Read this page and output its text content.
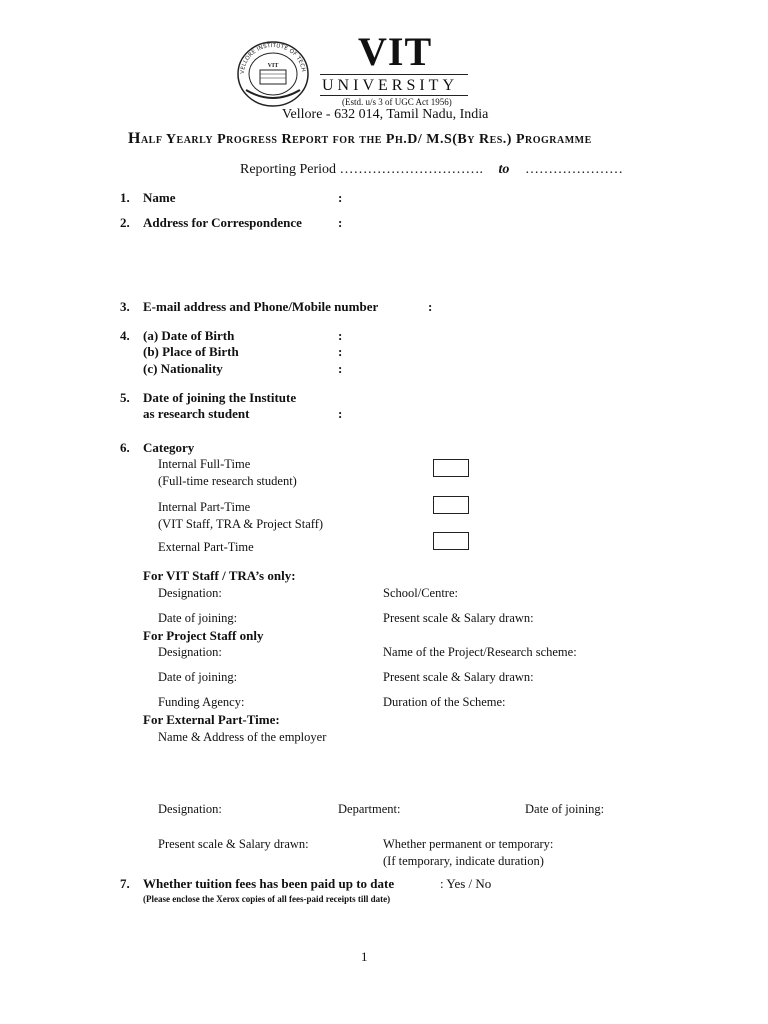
VELLORE INSTITUTE OF TECH
VIT VIT
UNIVERSITY
(Estd. u/s 3 of UGC Act 1956)
Vellore - 632 014, Tamil Nadu, India
Half Yearly Progress Report for the Ph.D/ M.S(By Res.) Programme
Reporting Period …………………………. to …………………
1. Name	:
2. Address for Correspondence	:
3. E-mail address and Phone/Mobile number	:
4. (a) Date of Birth	:
(b) Place of Birth	:
(c) Nationality	:
5. Date of joining the Institute
as research student	:
6. Category
Internal Full-Time
(Full-time research student)
Internal Part-Time
(VIT Staff, TRA & Project Staff)
External Part-Time
For VIT Staff / TRA’s only:
Designation:	School/Centre:
Date of joining:	Present scale & Salary drawn:
For Project Staff only
Designation:	Name of the Project/Research scheme:
Date of joining:	Present scale & Salary drawn:
Funding Agency:	Duration of the Scheme:
For External Part-Time:
Name & Address of the employer
Designation:	Department:	Date of joining:
Present scale & Salary drawn:	Whether permanent or temporary:
(If temporary, indicate duration)
7. Whether tuition fees has been paid up to date	: Yes / No
(Please enclose the Xerox copies of all fees-paid receipts till date)
1
